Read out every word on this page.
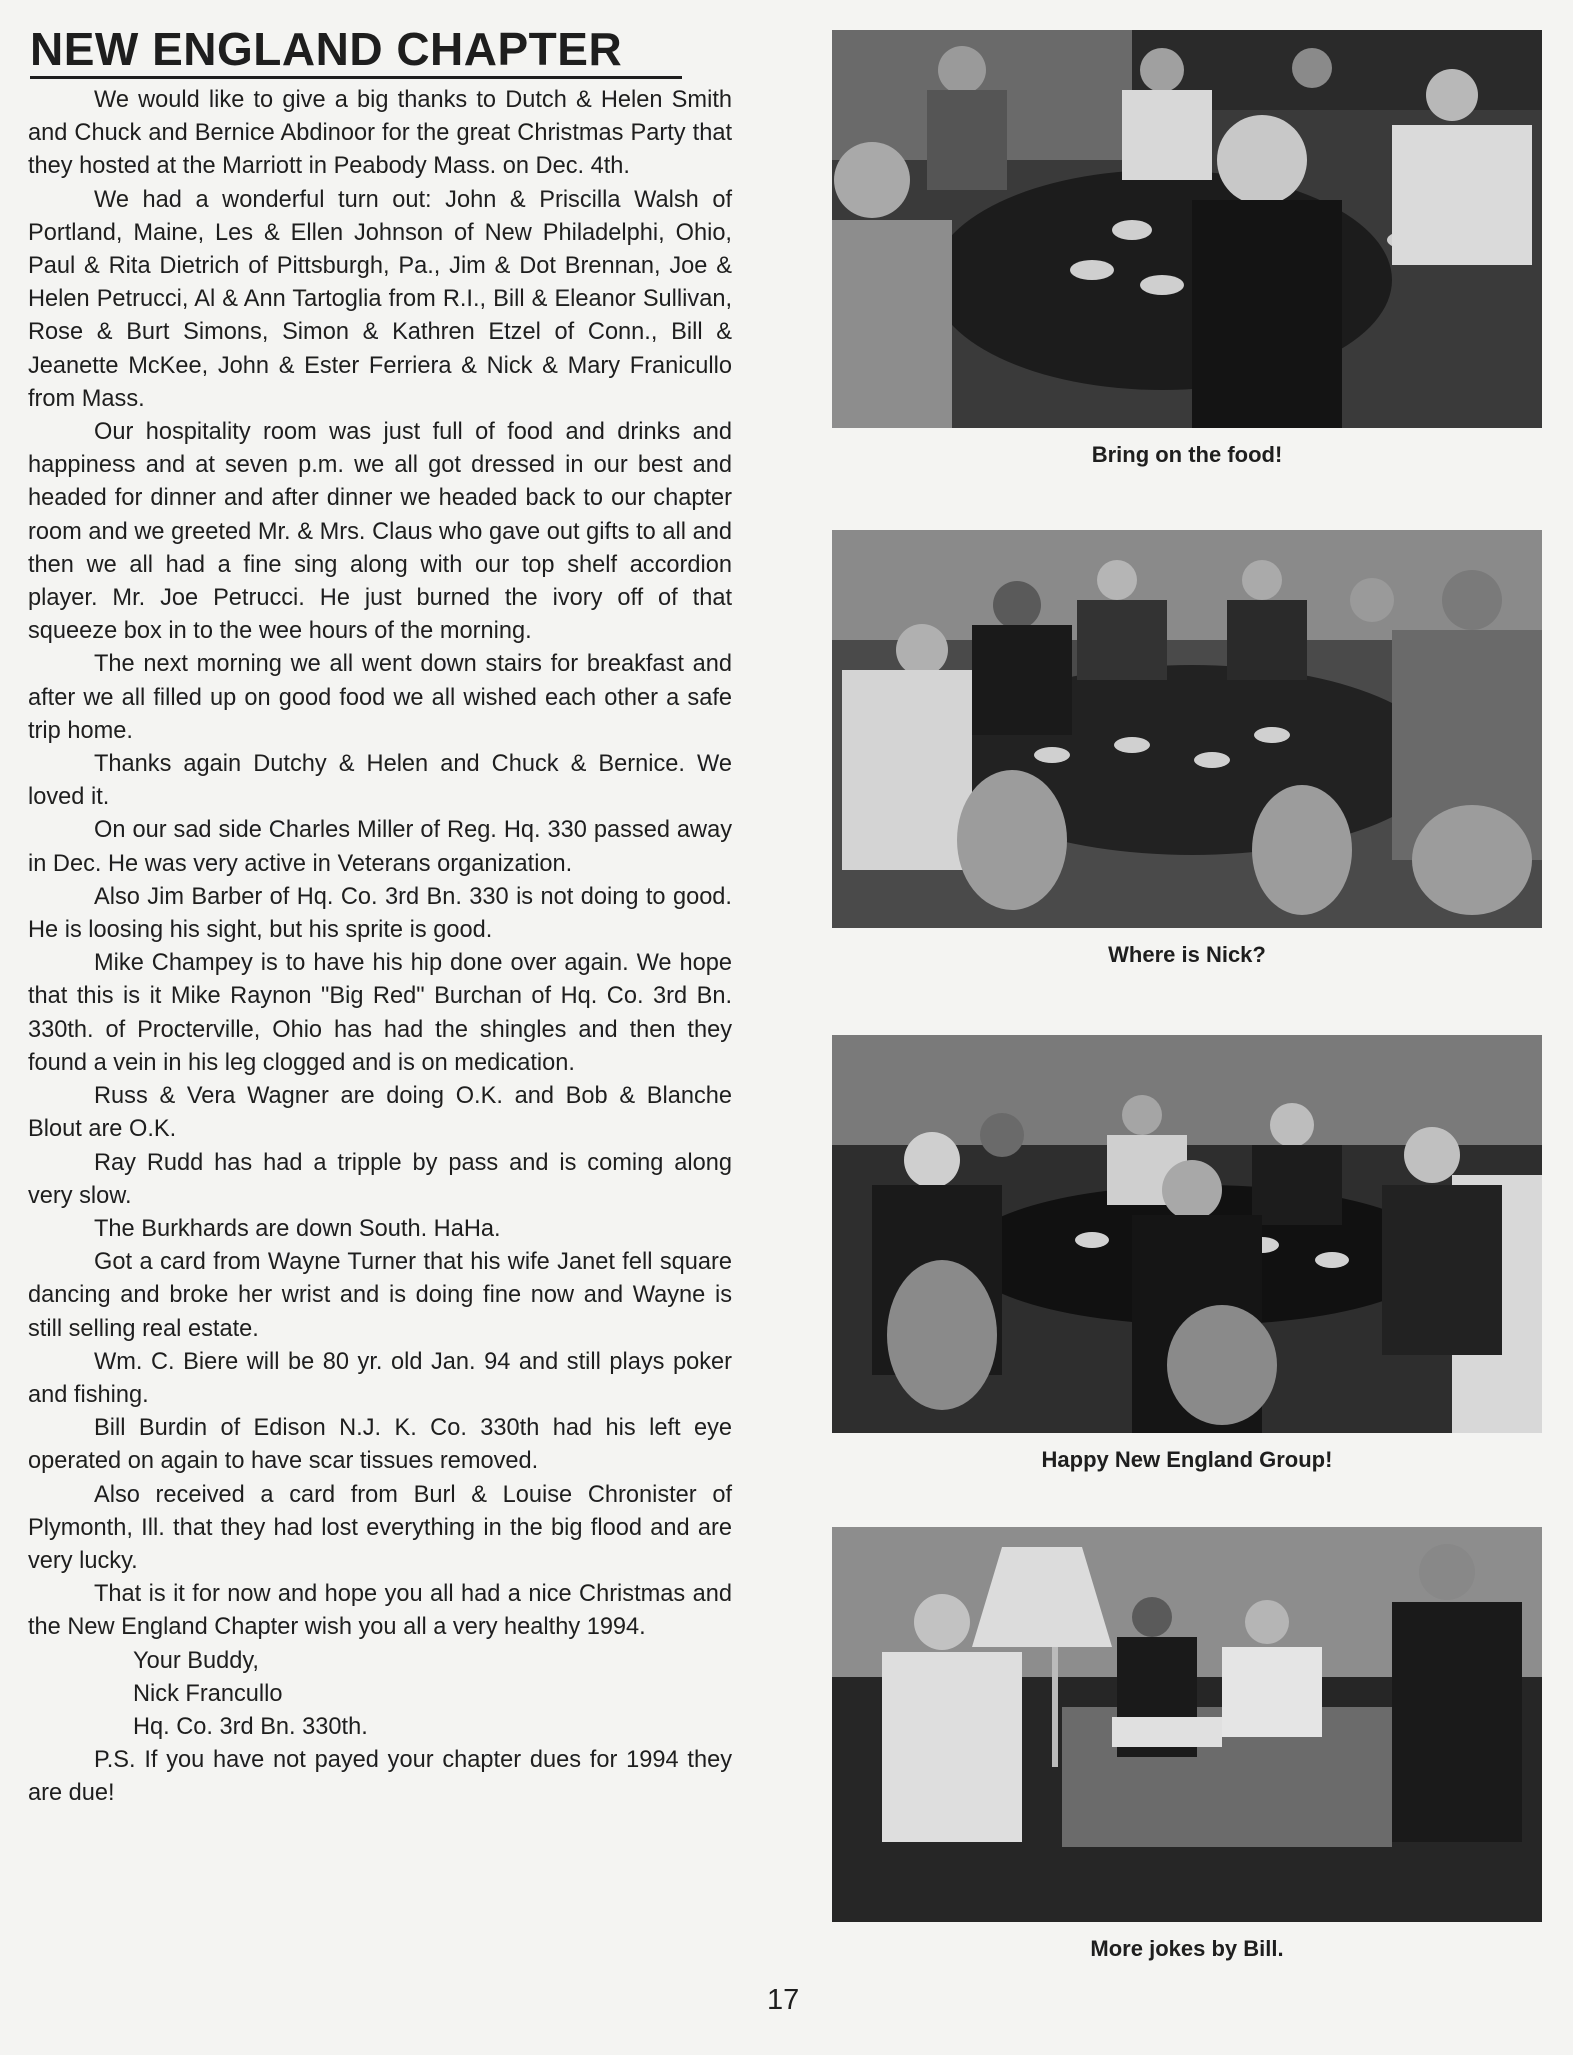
NEW ENGLAND CHAPTER

We would like to give a big thanks to Dutch & Helen Smith and Chuck and Bernice Abdinoor for the great Christmas Party that they hosted at the Marriott in Peabody Mass. on Dec. 4th.

We had a wonderful turn out: John & Priscilla Walsh of Portland, Maine, Les & Ellen Johnson of New Philadelphi, Ohio, Paul & Rita Dietrich of Pittsburgh, Pa., Jim & Dot Brennan, Joe & Helen Petrucci, Al & Ann Tartoglia from R.I., Bill & Eleanor Sullivan, Rose & Burt Simons, Simon & Kathren Etzel of Conn., Bill & Jeanette McKee, John & Ester Ferriera & Nick & Mary Franicullo from Mass.

Our hospitality room was just full of food and drinks and happiness and at seven p.m. we all got dressed in our best and headed for dinner and after dinner we headed back to our chapter room and we greeted Mr. & Mrs. Claus who gave out gifts to all and then we all had a fine sing along with our top shelf accordion player. Mr. Joe Petrucci. He just burned the ivory off of that squeeze box in to the wee hours of the morning.

The next morning we all went down stairs for breakfast and after we all filled up on good food we all wished each other a safe trip home.

Thanks again Dutchy & Helen and Chuck & Bernice. We loved it.

On our sad side Charles Miller of Reg. Hq. 330 passed away in Dec. He was very active in Veterans organization.

Also Jim Barber of Hq. Co. 3rd Bn. 330 is not doing to good. He is loosing his sight, but his sprite is good.

Mike Champey is to have his hip done over again. We hope that this is it Mike Raynon "Big Red" Burchan of Hq. Co. 3rd Bn. 330th. of Procterville, Ohio has had the shingles and then they found a vein in his leg clogged and is on medication.

Russ & Vera Wagner are doing O.K. and Bob & Blanche Blout are O.K.

Ray Rudd has had a tripple by pass and is coming along very slow.

The Burkhards are down South. HaHa.

Got a card from Wayne Turner that his wife Janet fell square dancing and broke her wrist and is doing fine now and Wayne is still selling real estate.

Wm. C. Biere will be 80 yr. old Jan. 94 and still plays poker and fishing.

Bill Burdin of Edison N.J. K. Co. 330th had his left eye operated on again to have scar tissues removed.

Also received a card from Burl & Louise Chronister of Plymonth, Ill. that they had lost everything in the big flood and are very lucky.

That is it for now and hope you all had a nice Christmas and the New England Chapter wish you all a very healthy 1994.

Your Buddy,
Nick Francullo
Hq. Co. 3rd Bn. 330th.

P.S. If you have not payed your chapter dues for 1994 they are due!

Bring on the food!
Where is Nick?
Happy New England Group!
More jokes by Bill.
17
